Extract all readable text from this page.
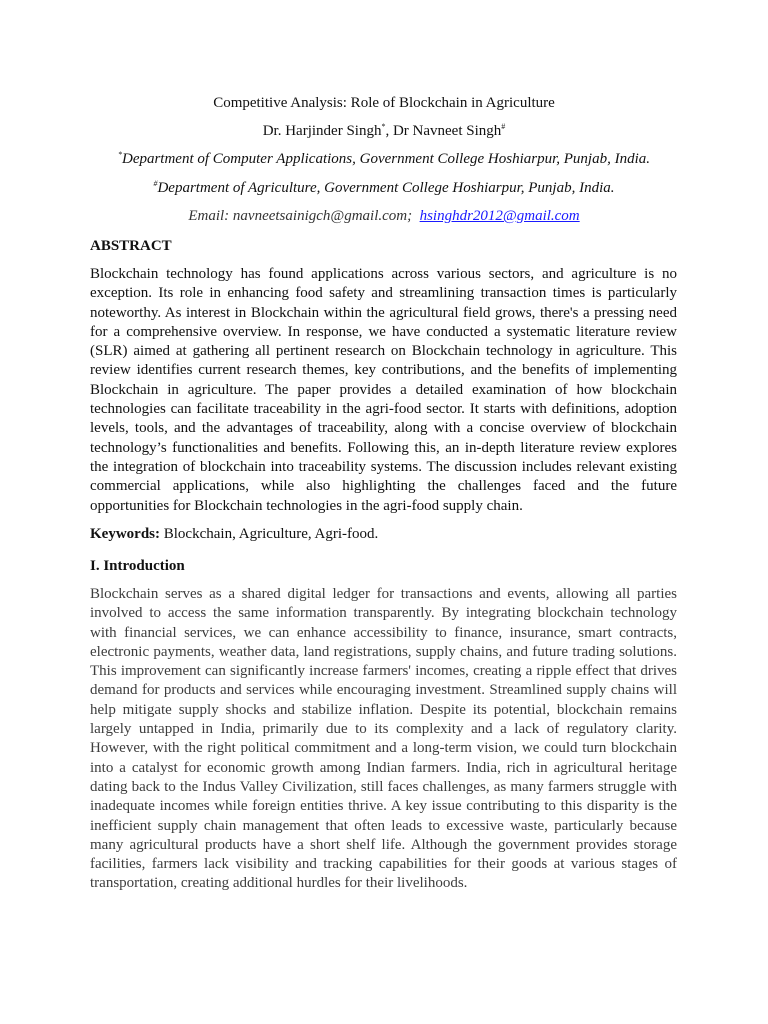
Competitive Analysis: Role of Blockchain in Agriculture
Dr. Harjinder Singh*, Dr Navneet Singh#
*Department of Computer Applications, Government College Hoshiarpur, Punjab, India.
#Department of Agriculture, Government College Hoshiarpur, Punjab, India.
Email: navneetsainigch@gmail.com; hsinghdr2012@gmail.com
ABSTRACT
Blockchain technology has found applications across various sectors, and agriculture is no
exception. Its role in enhancing food safety and streamlining transaction times is particularly
noteworthy. As interest in Blockchain within the agricultural field grows, there's a pressing need
for a comprehensive overview. In response, we have conducted a systematic literature review
(SLR) aimed at gathering all pertinent research on Blockchain technology in agriculture. This
review identifies current research themes, key contributions, and the benefits of implementing
Blockchain in agriculture. The paper provides a detailed examination of how blockchain
technologies can facilitate traceability in the agri-food sector. It starts with definitions, adoption
levels, tools, and the advantages of traceability, along with a concise overview of blockchain
technology’s functionalities and benefits. Following this, an in-depth literature review explores
the integration of blockchain into traceability systems. The discussion includes relevant existing
commercial applications, while also highlighting the challenges faced and the future
opportunities for Blockchain technologies in the agri-food supply chain.
Keywords: Blockchain, Agriculture, Agri-food.
I. Introduction
Blockchain serves as a shared digital ledger for transactions and events, allowing all parties
involved to access the same information transparently. By integrating blockchain technology
with financial services, we can enhance accessibility to finance, insurance, smart contracts,
electronic payments, weather data, land registrations, supply chains, and future trading solutions.
This improvement can significantly increase farmers' incomes, creating a ripple effect that drives
demand for products and services while encouraging investment. Streamlined supply chains will
help mitigate supply shocks and stabilize inflation. Despite its potential, blockchain remains
largely untapped in India, primarily due to its complexity and a lack of regulatory clarity.
However, with the right political commitment and a long-term vision, we could turn blockchain
into a catalyst for economic growth among Indian farmers. India, rich in agricultural heritage
dating back to the Indus Valley Civilization, still faces challenges, as many farmers struggle with
inadequate incomes while foreign entities thrive. A key issue contributing to this disparity is the
inefficient supply chain management that often leads to excessive waste, particularly because
many agricultural products have a short shelf life. Although the government provides storage
facilities, farmers lack visibility and tracking capabilities for their goods at various stages of
transportation, creating additional hurdles for their livelihoods.
